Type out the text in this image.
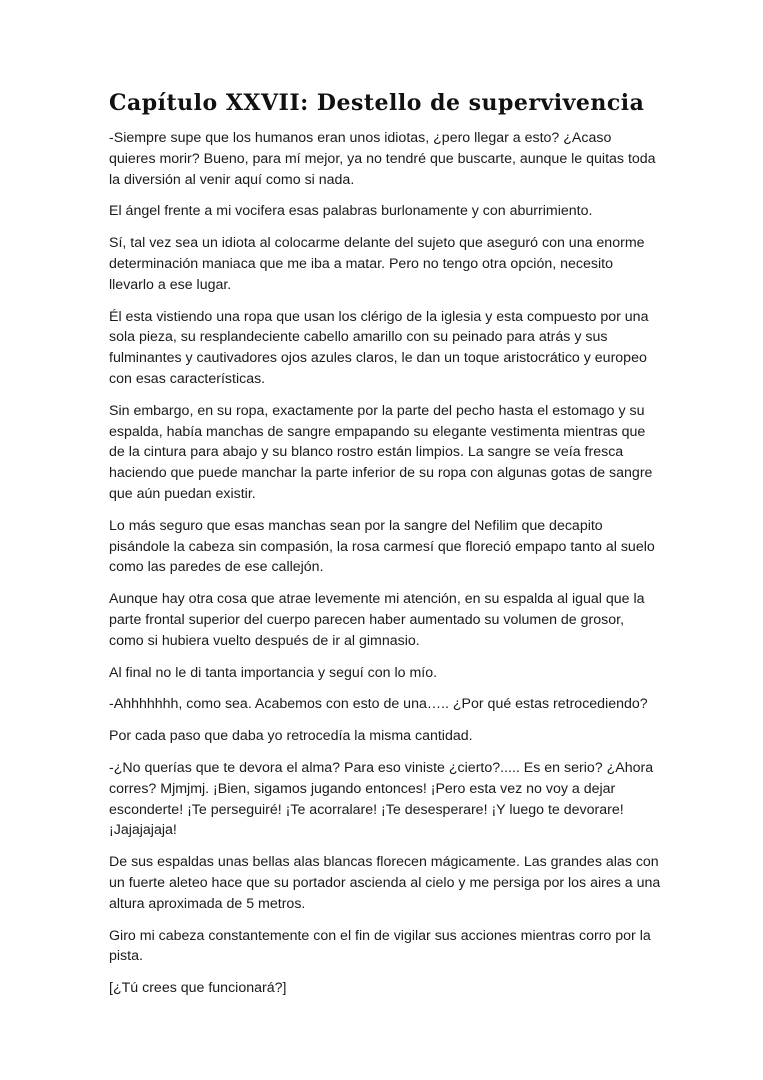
Capítulo XXVII: Destello de supervivencia

-Siempre supe que los humanos eran unos idiotas, ¿pero llegar a esto? ¿Acaso quieres morir? Bueno, para mí mejor, ya no tendré que buscarte, aunque le quitas toda la diversión al venir aquí como si nada.

El ángel frente a mi vocifera esas palabras burlonamente y con aburrimiento.

Sí, tal vez sea un idiota al colocarme delante del sujeto que aseguró con una enorme determinación maniaca que me iba a matar. Pero no tengo otra opción, necesito llevarlo a ese lugar.

Él esta vistiendo una ropa que usan los clérigo de la iglesia y esta compuesto por una sola pieza, su resplandeciente cabello amarillo con su peinado para atrás y sus fulminantes y cautivadores ojos azules claros, le dan un toque aristocrático y europeo con esas características.

Sin embargo, en su ropa, exactamente por la parte del pecho hasta el estomago y su espalda, había manchas de sangre empapando su elegante vestimenta mientras que de la cintura para abajo y su blanco rostro están limpios. La sangre se veía fresca haciendo que puede manchar la parte inferior de su ropa con algunas gotas de sangre que aún puedan existir.

Lo más seguro que esas manchas sean por la sangre del Nefilim que decapito pisándole la cabeza sin compasión, la rosa carmesí que floreció empapo tanto al suelo como las paredes de ese callejón.

Aunque hay otra cosa que atrae levemente mi atención, en su espalda al igual que la parte frontal superior del cuerpo parecen haber aumentado su volumen de grosor, como si hubiera vuelto después de ir al gimnasio.

Al final no le di tanta importancia y seguí con lo mío.

-Ahhhhhhh, como sea. Acabemos con esto de una….. ¿Por qué estas retrocediendo?

Por cada paso que daba yo retrocedía la misma cantidad.

-¿No querías que te devora el alma? Para eso viniste ¿cierto?..... Es en serio? ¿Ahora corres? Mjmjmj. ¡Bien, sigamos jugando entonces! ¡Pero esta vez no voy a dejar esconderte! ¡Te perseguiré! ¡Te acorralare! ¡Te desesperare! ¡Y luego te devorare! ¡Jajajajaja!

De sus espaldas unas bellas alas blancas florecen mágicamente. Las grandes alas con un fuerte aleteo hace que su portador ascienda al cielo y me persiga por los aires a una altura aproximada de 5 metros.

Giro mi cabeza constantemente con el fin de vigilar sus acciones mientras corro por la pista.

[¿Tú crees que funcionará?]
